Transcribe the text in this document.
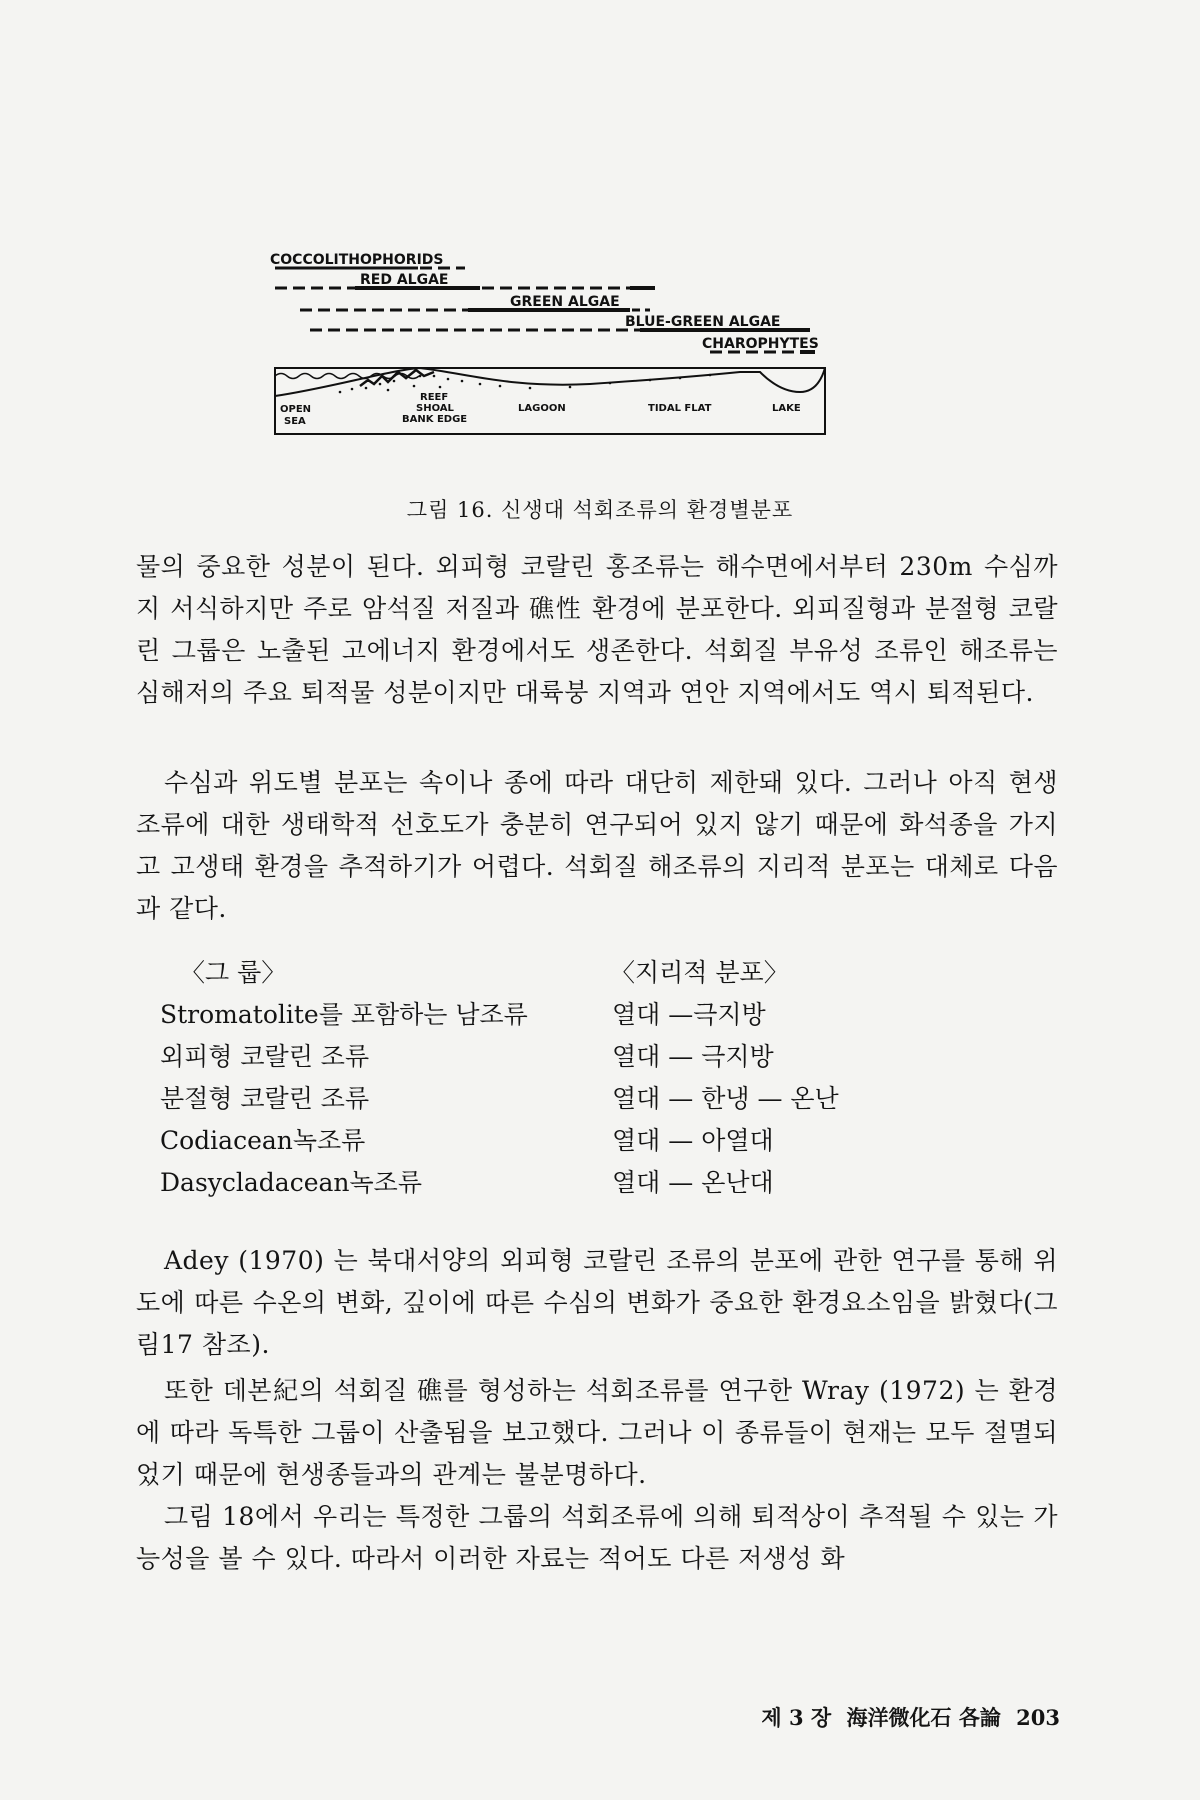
COCCOLITHOPHORIDS
RED ALGAE
GREEN ALGAE
BLUE-GREEN ALGAE
CHAROPHYTES
OPEN
SEA
REEF
SHOAL
BANK EDGE
LAGOON	TIDAL FLAT	LAKE
그림 16. 신생대 석회조류의 환경별분포

물의 중요한 성분이 된다. 외피형 코랄린 홍조류는 해수면에서부터 230m 수심까지 서식하지만 주로 암석질 저질과 礁性 환경에 분포한다. 외피질형과 분절형 코랄린 그룹은 노출된 고에너지 환경에서도 생존한다. 석회질 부유성 조류인 해조류는 심해저의 주요 퇴적물 성분이지만 대륙붕 지역과 연안 지역에서도 역시 퇴적된다.

수심과 위도별 분포는 속이나 종에 따라 대단히 제한돼 있다. 그러나 아직 현생 조류에 대한 생태학적 선호도가 충분히 연구되어 있지 않기 때문에 화석종을 가지고 고생태 환경을 추적하기가 어렵다. 석회질 해조류의 지리적 분포는 대체로 다음과 같다.

〈그 룹〉	〈지리적 분포〉
Stromatolite를 포함하는 남조류	열대 —극지방
외피형 코랄린 조류	열대 — 극지방
분절형 코랄린 조류	열대 — 한냉 — 온난
Codiacean녹조류	열대 — 아열대
Dasycladacean녹조류	열대 — 온난대

Adey (1970) 는 북대서양의 외피형 코랄린 조류의 분포에 관한 연구를 통해 위도에 따른 수온의 변화, 깊이에 따른 수심의 변화가 중요한 환경요소임을 밝혔다(그림17 참조).

또한 데본紀의 석회질 礁를 형성하는 석회조류를 연구한 Wray (1972) 는 환경에 따라 독특한 그룹이 산출됨을 보고했다. 그러나 이 종류들이 현재는 모두 절멸되었기 때문에 현생종들과의 관계는 불분명하다.

그림 18에서 우리는 특정한 그룹의 석회조류에 의해 퇴적상이 추적될 수 있는 가능성을 볼 수 있다. 따라서 이러한 자료는 적어도 다른 저생성 화

제 3 장 海洋微化石 各論 203
